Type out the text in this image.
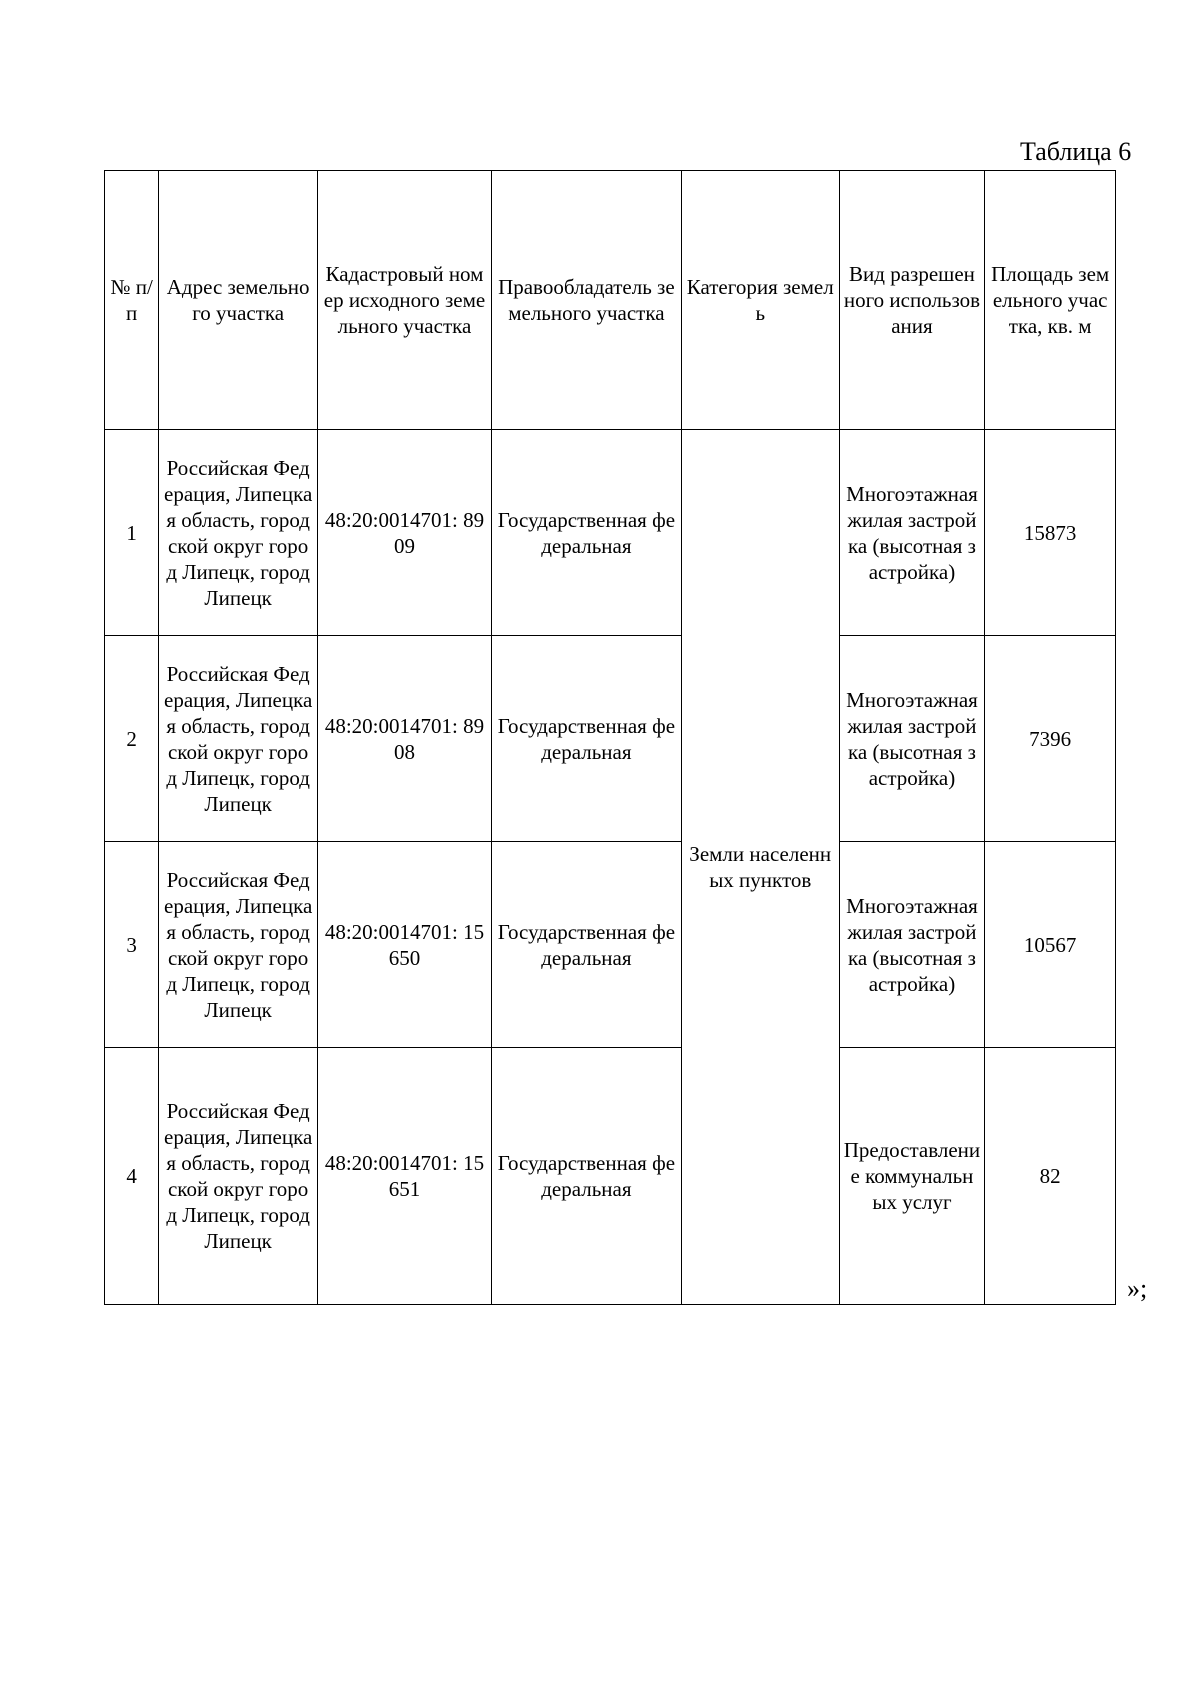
Таблица 6
№ п/п	Адрес земельного участка	Кадастровый номер исходного земельного участка	Правообладатель земельного участка	Категория земель	Вид разрешенного использования	Площадь земельного участка, кв. м
1	Российская Федерация, Липецкая область, городской округ город Липецк, город Липецк	48:20:0014701: 8909	Государственная федеральная	Земли населенных пунктов	Многоэтажная жилая застройка (высотная застройка)	15873
2	Российская Федерация, Липецкая область, городской округ город Липецк, город Липецк	48:20:0014701: 8908	Государственная федеральная		Многоэтажная жилая застройка (высотная застройка)	7396
3	Российская Федерация, Липецкая область, городской округ город Липецк, город Липецк	48:20:0014701: 15650	Государственная федеральная		Многоэтажная жилая застройка (высотная застройка)	10567
4	Российская Федерация, Липецкая область, городской округ город Липецк, город Липецк	48:20:0014701: 15651	Государственная федеральная		Предоставление коммунальных услуг	82
»;
